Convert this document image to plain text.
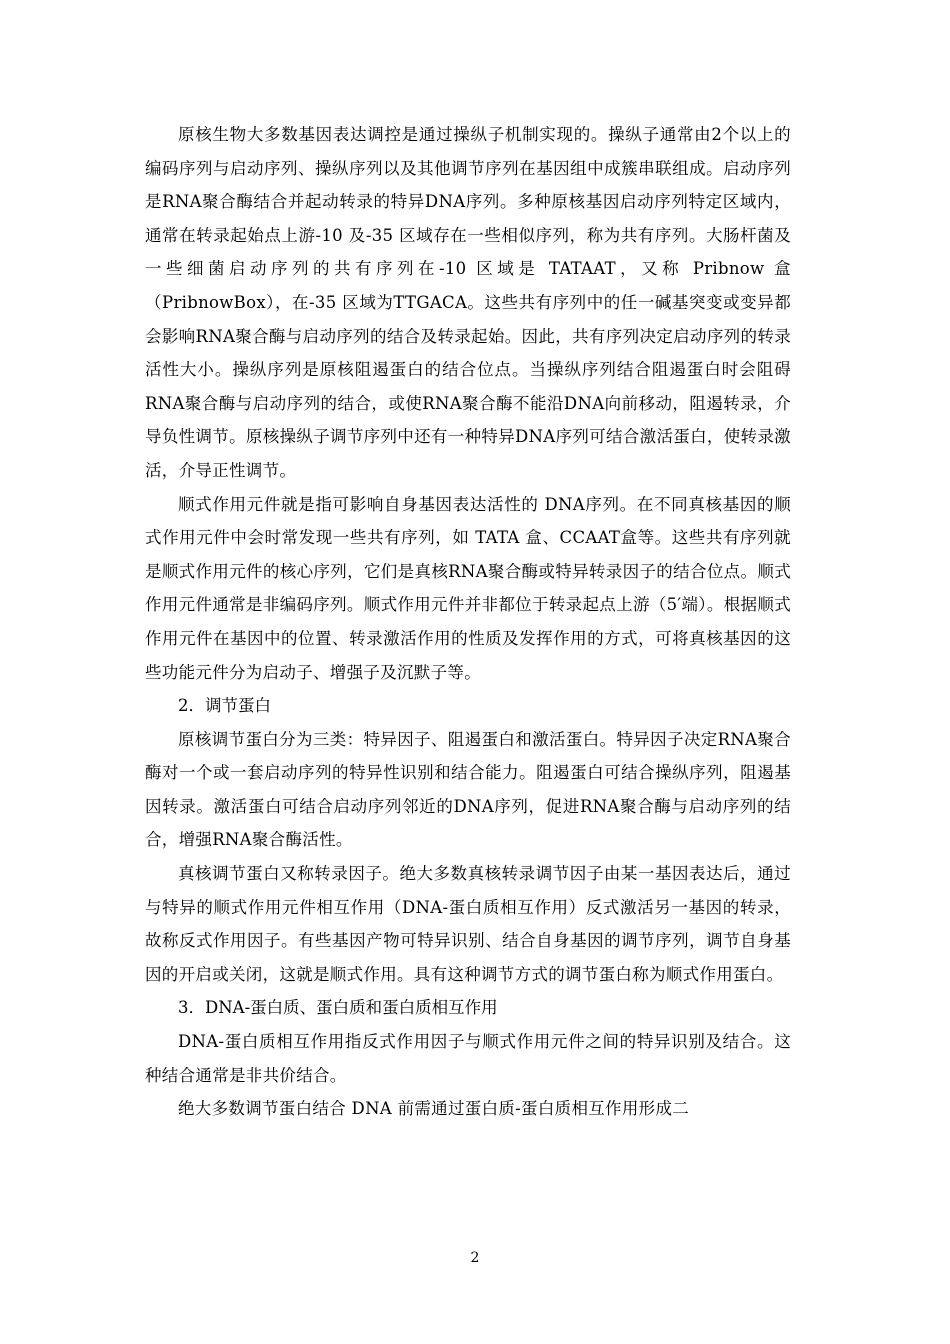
原核生物大多数基因表达调控是通过操纵子机制实现的。操纵子通常由2个以上的编码序列与启动序列、操纵序列以及其他调节序列在基因组中成簇串联组成。启动序列是RNA聚合酶结合并起动转录的特异DNA序列。多种原核基因启动序列特定区域内，通常在转录起始点上游-10 及-35 区域存在一些相似序列，称为共有序列。大肠杆菌及一些细菌启动序列的共有序列在-10 区域是 TATAAT，又称 Pribnow 盒（PribnowBox），在-35 区域为TTGACA。这些共有序列中的任一碱基突变或变异都会影响RNA聚合酶与启动序列的结合及转录起始。因此，共有序列决定启动序列的转录活性大小。操纵序列是原核阻遏蛋白的结合位点。当操纵序列结合阻遏蛋白时会阻碍RNA聚合酶与启动序列的结合，或使RNA聚合酶不能沿DNA向前移动，阻遏转录，介导负性调节。原核操纵子调节序列中还有一种特异DNA序列可结合激活蛋白，使转录激活，介导正性调节。

顺式作用元件就是指可影响自身基因表达活性的 DNA序列。在不同真核基因的顺式作用元件中会时常发现一些共有序列，如 TATA 盒、CCAAT盒等。这些共有序列就是顺式作用元件的核心序列，它们是真核RNA聚合酶或特异转录因子的结合位点。顺式作用元件通常是非编码序列。顺式作用元件并非都位于转录起点上游（5′端）。根据顺式作用元件在基因中的位置、转录激活作用的性质及发挥作用的方式，可将真核基因的这些功能元件分为启动子、增强子及沉默子等。

2．调节蛋白

原核调节蛋白分为三类：特异因子、阻遏蛋白和激活蛋白。特异因子决定RNA聚合酶对一个或一套启动序列的特异性识别和结合能力。阻遏蛋白可结合操纵序列，阻遏基因转录。激活蛋白可结合启动序列邻近的DNA序列，促进RNA聚合酶与启动序列的结合，增强RNA聚合酶活性。

真核调节蛋白又称转录因子。绝大多数真核转录调节因子由某一基因表达后，通过与特异的顺式作用元件相互作用（DNA-蛋白质相互作用）反式激活另一基因的转录，故称反式作用因子。有些基因产物可特异识别、结合自身基因的调节序列，调节自身基因的开启或关闭，这就是顺式作用。具有这种调节方式的调节蛋白称为顺式作用蛋白。

3．DNA-蛋白质、蛋白质和蛋白质相互作用

DNA-蛋白质相互作用指反式作用因子与顺式作用元件之间的特异识别及结合。这种结合通常是非共价结合。

绝大多数调节蛋白结合 DNA 前需通过蛋白质-蛋白质相互作用形成二

2
